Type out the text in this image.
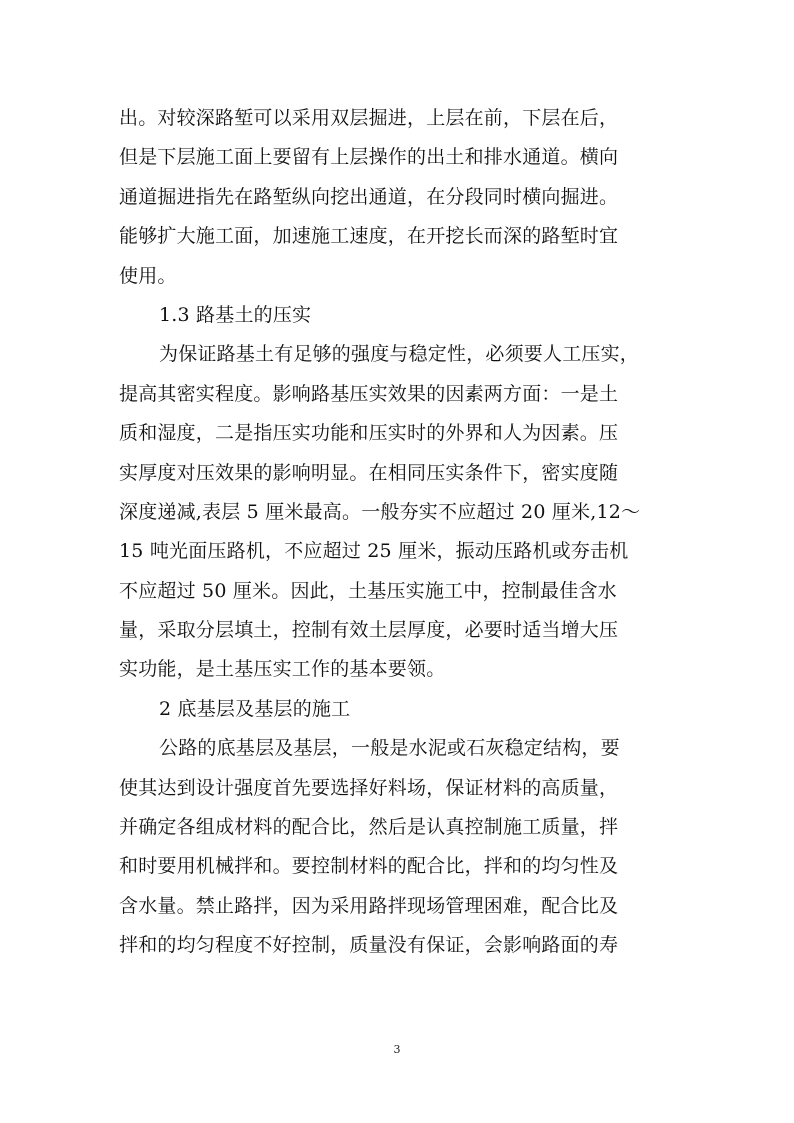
出。对较深路堑可以采用双层掘进，上层在前，下层在后，
但是下层施工面上要留有上层操作的出土和排水通道。横向
通道掘进指先在路堑纵向挖出通道，在分段同时横向掘进。
能够扩大施工面，加速施工速度，在开挖长而深的路堑时宜
使用。
1.3 路基土的压实
为保证路基土有足够的强度与稳定性，必须要人工压实，
提高其密实程度。影响路基压实效果的因素两方面：一是土
质和湿度，二是指压实功能和压实时的外界和人为因素。压
实厚度对压效果的影响明显。在相同压实条件下，密实度随
深度递减,表层 5 厘米最高。一般夯实不应超过 20 厘米,12～
15 吨光面压路机，不应超过 25 厘米，振动压路机或夯击机
不应超过 50 厘米。因此，土基压实施工中，控制最佳含水
量，采取分层填土，控制有效土层厚度，必要时适当增大压
实功能，是土基压实工作的基本要领。
2 底基层及基层的施工
公路的底基层及基层，一般是水泥或石灰稳定结构，要
使其达到设计强度首先要选择好料场，保证材料的高质量，
并确定各组成材料的配合比，然后是认真控制施工质量，拌
和时要用机械拌和。要控制材料的配合比，拌和的均匀性及
含水量。禁止路拌，因为采用路拌现场管理困难，配合比及
拌和的均匀程度不好控制，质量没有保证，会影响路面的寿
3
